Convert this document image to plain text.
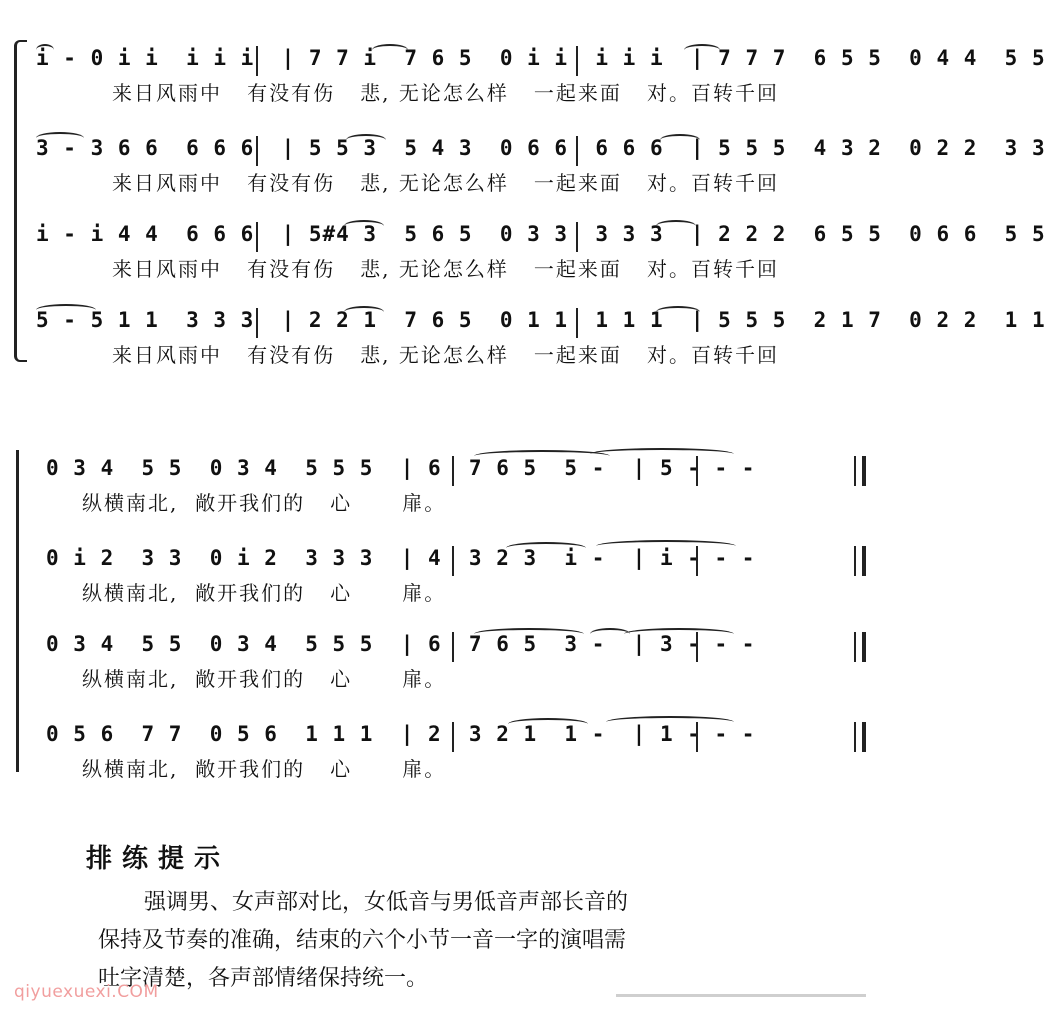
i - 0 i i  i i i  | 7 7 i  7 6 5  0 i i  i i i  | 7 7 7  6 5 5  0 4 4  5 5
来日风雨中   有没有伤   悲, 无论怎么样   一起来面   对。百转千回
3 - 3 6 6  6 6 6  | 5 5 3  5 4 3  0 6 6  6 6 6  | 5 5 5  4 3 2  0 2 2  3 3
来日风雨中   有没有伤   悲, 无论怎么样   一起来面   对。百转千回
i - i 4 4  6 6 6  | 5#4 3  5 6 5  0 3 3  3 3 3  | 2 2 2  6 5 5  0 6 6  5 5
来日风雨中   有没有伤   悲, 无论怎么样   一起来面   对。百转千回
5 - 5 1 1  3 3 3  | 2 2 1  7 6 5  0 1 1  1 1 1  | 5 5 5  2 1 7  0 2 2  1 1
来日风雨中   有没有伤   悲, 无论怎么样   一起来面   对。百转千回
0 3 4  5 5  0 3 4  5 5 5  | 6  7 6 5  5 -  | 5 - - -
纵横南北,  敞开我们的   心      扉。
0 i 2  3 3  0 i 2  3 3 3  | 4  3 2 3  i -  | i - - -
纵横南北,  敞开我们的   心      扉。
0 3 4  5 5  0 3 4  5 5 5  | 6  7 6 5  3 -  | 3 - - -
纵横南北,  敞开我们的   心      扉。
0 5 6  7 7  0 5 6  1 1 1  | 2  3 2 1  1 -  | 1 - - -
纵横南北,  敞开我们的   心      扉。
排练提示
强调男、女声部对比，女低音与男低音声部长音的
保持及节奏的准确，结束的六个小节一音一字的演唱需
吐字清楚，各声部情绪保持统一。
qiyuexuexi.COM
